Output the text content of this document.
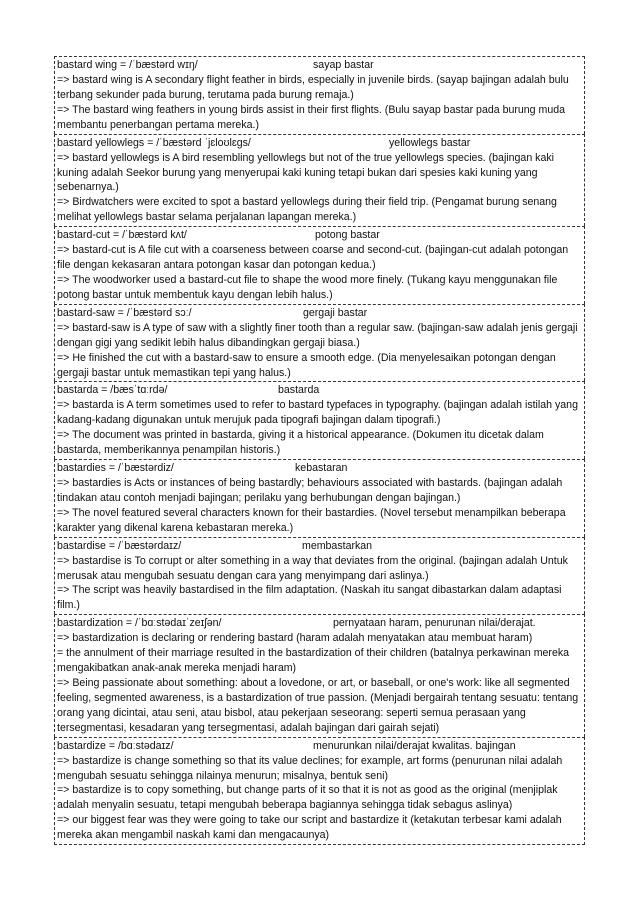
bastard wing = /ˈbæstərd wɪŋ/	sayap bastar
=> bastard wing is A secondary flight feather in birds, especially in juvenile birds. (sayap bajingan adalah bulu terbang sekunder pada burung, terutama pada burung remaja.)
=> The bastard wing feathers in young birds assist in their first flights. (Bulu sayap bastar pada burung muda membantu penerbangan pertama mereka.)
bastard yellowlegs = /ˈbæstərd ˈjɛloʊlɛgs/	yellowlegs bastar
=> bastard yellowlegs is A bird resembling yellowlegs but not of the true yellowlegs species. (bajingan kaki kuning adalah Seekor burung yang menyerupai kaki kuning tetapi bukan dari spesies kaki kuning yang sebenarnya.)
=> Birdwatchers were excited to spot a bastard yellowlegs during their field trip. (Pengamat burung senang melihat yellowlegs bastar selama perjalanan lapangan mereka.)
bastard-cut = /ˈbæstərd kʌt/	potong bastar
=> bastard-cut is A file cut with a coarseness between coarse and second-cut. (bajingan-cut adalah potongan file dengan kekasaran antara potongan kasar dan potongan kedua.)
=> The woodworker used a bastard-cut file to shape the wood more finely. (Tukang kayu menggunakan file potong bastar untuk membentuk kayu dengan lebih halus.)
bastard-saw = /ˈbæstərd sɔː/	gergaji bastar
=> bastard-saw is A type of saw with a slightly finer tooth than a regular saw. (bajingan-saw adalah jenis gergaji dengan gigi yang sedikit lebih halus dibandingkan gergaji biasa.)
=> He finished the cut with a bastard-saw to ensure a smooth edge. (Dia menyelesaikan potongan dengan gergaji bastar untuk memastikan tepi yang halus.)
bastarda = /bæsˈtɑːrdə/	bastarda
=> bastarda is A term sometimes used to refer to bastard typefaces in typography. (bajingan adalah istilah yang kadang-kadang digunakan untuk merujuk pada tipografi bajingan dalam tipografi.)
=> The document was printed in bastarda, giving it a historical appearance. (Dokumen itu dicetak dalam bastarda, memberikannya penampilan historis.)
bastardies = /ˈbæstərdiz/	kebastaran
=> bastardies is Acts or instances of being bastardly; behaviours associated with bastards. (bajingan adalah tindakan atau contoh menjadi bajingan; perilaku yang berhubungan dengan bajingan.)
=> The novel featured several characters known for their bastardies. (Novel tersebut menampilkan beberapa karakter yang dikenal karena kebastaran mereka.)
bastardise = /ˈbæstərdaɪz/	membastarkan
=> bastardise is To corrupt or alter something in a way that deviates from the original. (bajingan adalah Untuk merusak atau mengubah sesuatu dengan cara yang menyimpang dari aslinya.)
=> The script was heavily bastardised in the film adaptation. (Naskah itu sangat dibastarkan dalam adaptasi film.)
bastardization = /ˈbɑːstədaɪˈzeɪʃən/	pernyataan haram, penurunan nilai/derajat.
=> bastardization is declaring or rendering bastard (haram adalah menyatakan atau membuat haram)
= the annulment of their marriage resulted in the bastardization of their children (batalnya perkawinan mereka mengakibatkan anak-anak mereka menjadi haram)
=> Being passionate about something: about a lovedone, or art, or baseball, or one's work: like all segmented feeling, segmented awareness, is a bastardization of true passion. (Menjadi bergairah tentang sesuatu: tentang orang yang dicintai, atau seni, atau bisbol, atau pekerjaan seseorang: seperti semua perasaan yang tersegmentasi, kesadaran yang tersegmentasi, adalah bajingan dari gairah sejati)
bastardize = /bɑːstədaɪz/	menurunkan nilai/derajat kwalitas. bajingan
=> bastardize is change something so that its value declines; for example, art forms (penurunan nilai adalah mengubah sesuatu sehingga nilainya menurun; misalnya, bentuk seni)
=> bastardize is to copy something, but change parts of it so that it is not as good as the original (menjiplak adalah menyalin sesuatu, tetapi mengubah beberapa bagiannya sehingga tidak sebagus aslinya)
=> our biggest fear was they were going to take our script and bastardize it (ketakutan terbesar kami adalah mereka akan mengambil naskah kami dan mengacaunya)
